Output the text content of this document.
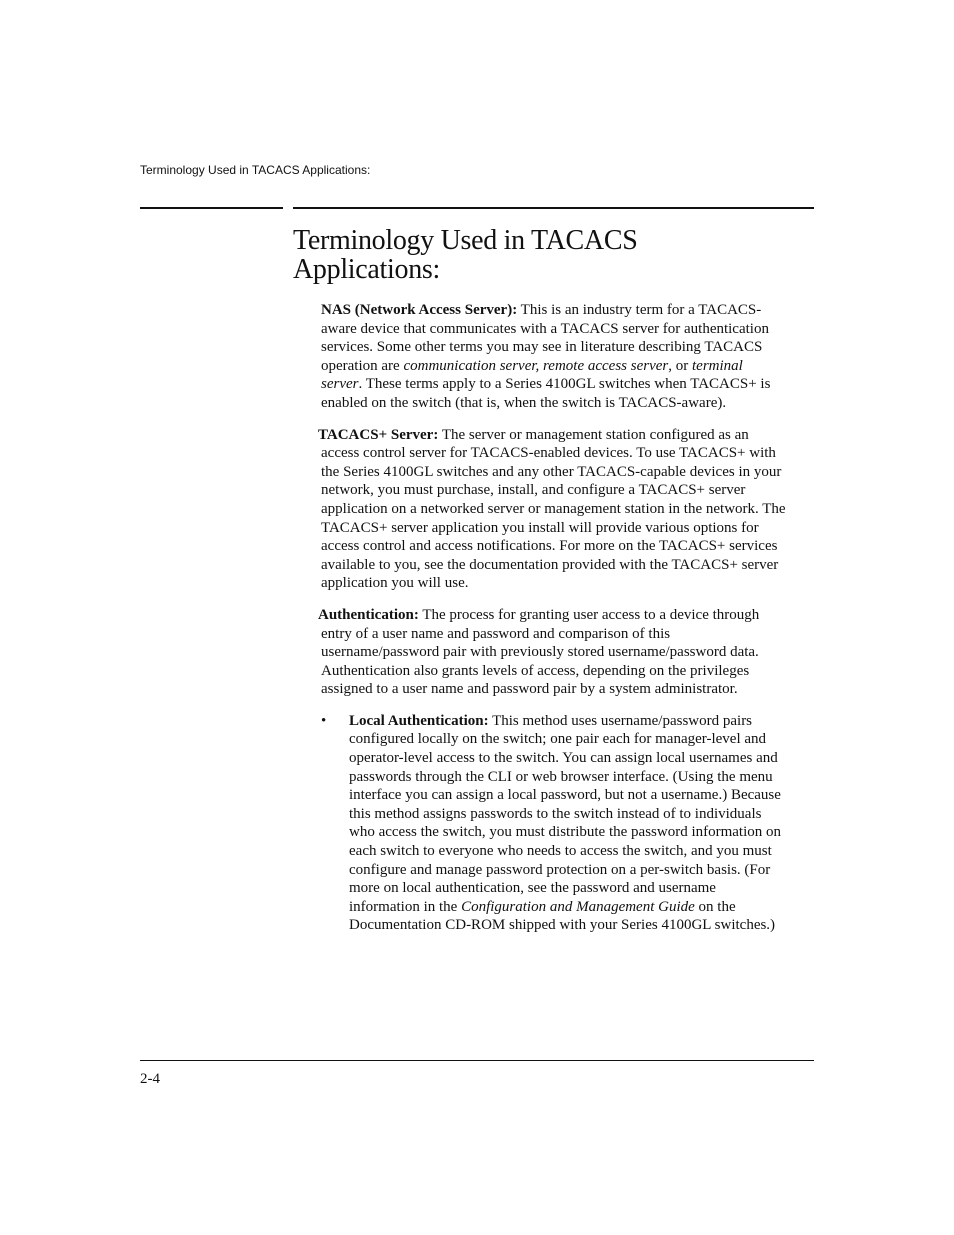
Terminology Used in TACACS Applications:
Terminology Used in TACACS Applications:

NAS (Network Access Server): This is an industry term for a TACACS-aware device that communicates with a TACACS server for authentication services. Some other terms you may see in literature describing TACACS operation are communication server, remote access server, or terminal server. These terms apply to a Series 4100GL switches when TACACS+ is enabled on the switch (that is, when the switch is TACACS-aware).

TACACS+ Server: The server or management station configured as an access control server for TACACS-enabled devices. To use TACACS+ with the Series 4100GL switches and any other TACACS-capable devices in your network, you must purchase, install, and configure a TACACS+ server application on a networked server or management station in the network. The TACACS+ server application you install will provide various options for access control and access notifications. For more on the TACACS+ services available to you, see the documentation provided with the TACACS+ server application you will use.

Authentication: The process for granting user access to a device through entry of a user name and password and comparison of this username/password pair with previously stored username/password data. Authentication also grants levels of access, depending on the privileges assigned to a user name and password pair by a system administrator.

•	Local Authentication: This method uses username/password pairs configured locally on the switch; one pair each for manager-level and operator-level access to the switch. You can assign local usernames and passwords through the CLI or web browser interface. (Using the menu interface you can assign a local password, but not a username.) Because this method assigns passwords to the switch instead of to individuals who access the switch, you must distribute the password information on each switch to everyone who needs to access the switch, and you must configure and manage password protection on a per-switch basis. (For more on local authentication, see the password and username information in the Configuration and Management Guide on the Documentation CD-ROM shipped with your Series 4100GL switches.)

2-4
